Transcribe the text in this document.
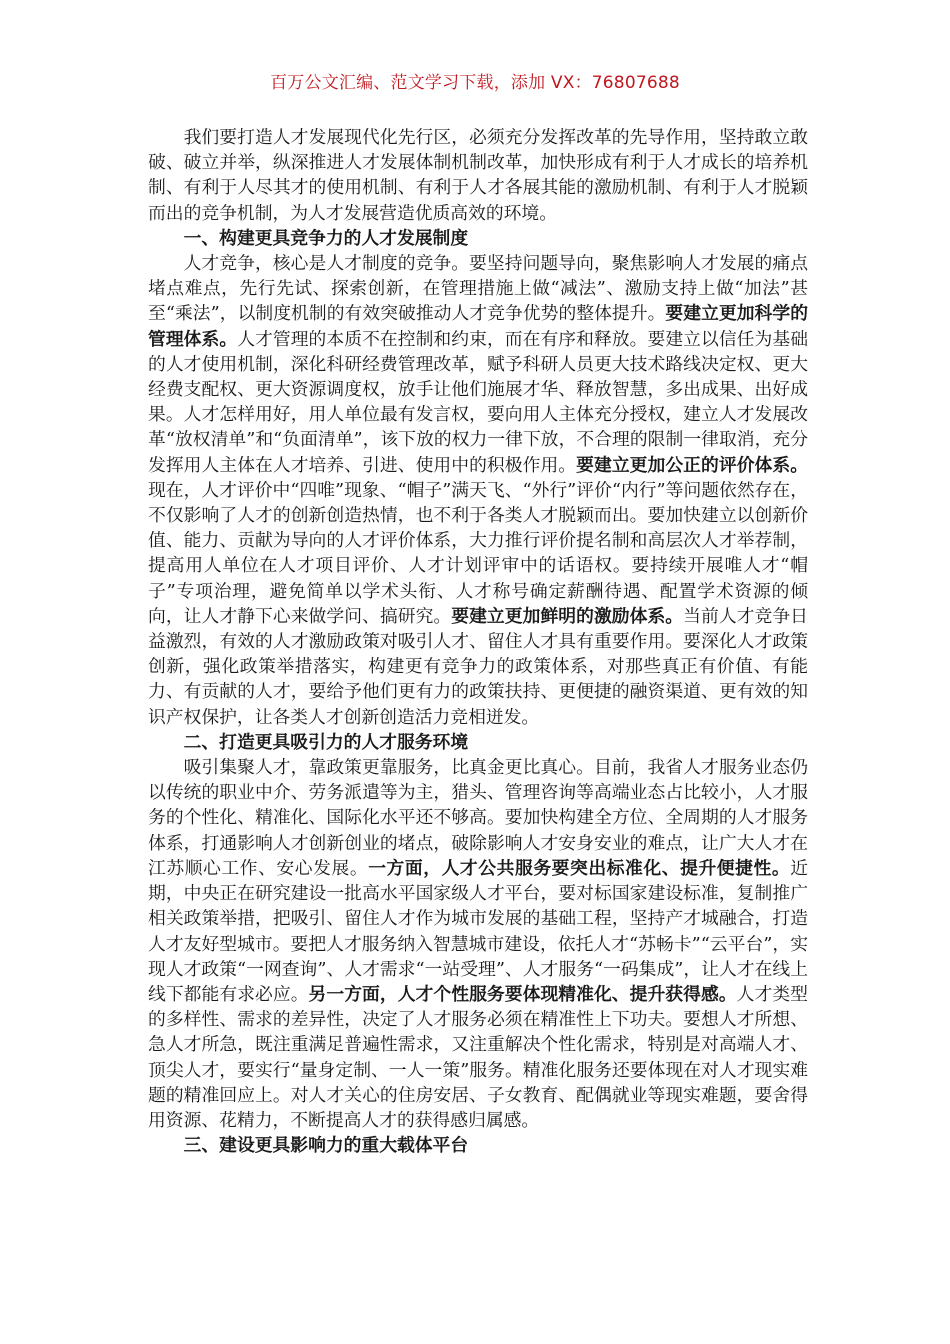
百万公文汇编、范文学习下载，添加 VX：76807688

我们要打造人才发展现代化先行区，必须充分发挥改革的先导作用，坚持敢立敢破、破立并举，纵深推进人才发展体制机制改革，加快形成有利于人才成长的培养机制、有利于人尽其才的使用机制、有利于人才各展其能的激励机制、有利于人才脱颖而出的竞争机制，为人才发展营造优质高效的环境。

一、构建更具竞争力的人才发展制度

人才竞争，核心是人才制度的竞争。要坚持问题导向，聚焦影响人才发展的痛点堵点难点，先行先试、探索创新，在管理措施上做“减法”、激励支持上做“加法”甚至“乘法”，以制度机制的有效突破推动人才竞争优势的整体提升。要建立更加科学的管理体系。人才管理的本质不在控制和约束，而在有序和释放。要建立以信任为基础的人才使用机制，深化科研经费管理改革，赋予科研人员更大技术路线决定权、更大经费支配权、更大资源调度权，放手让他们施展才华、释放智慧，多出成果、出好成果。人才怎样用好，用人单位最有发言权，要向用人主体充分授权，建立人才发展改革“放权清单”和“负面清单”，该下放的权力一律下放，不合理的限制一律取消，充分发挥用人主体在人才培养、引进、使用中的积极作用。要建立更加公正的评价体系。现在，人才评价中“四唯”现象、“帽子”满天飞、“外行”评价“内行”等问题依然存在，不仅影响了人才的创新创造热情，也不利于各类人才脱颖而出。要加快建立以创新价值、能力、贡献为导向的人才评价体系，大力推行评价提名制和高层次人才举荐制，提高用人单位在人才项目评价、人才计划评审中的话语权。要持续开展唯人才“帽子”专项治理，避免简单以学术头衔、人才称号确定薪酬待遇、配置学术资源的倾向，让人才静下心来做学问、搞研究。要建立更加鲜明的激励体系。当前人才竞争日益激烈，有效的人才激励政策对吸引人才、留住人才具有重要作用。要深化人才政策创新，强化政策举措落实，构建更有竞争力的政策体系，对那些真正有价值、有能力、有贡献的人才，要给予他们更有力的政策扶持、更便捷的融资渠道、更有效的知识产权保护，让各类人才创新创造活力竞相迸发。

二、打造更具吸引力的人才服务环境

吸引集聚人才，靠政策更靠服务，比真金更比真心。目前，我省人才服务业态仍以传统的职业中介、劳务派遣等为主，猎头、管理咨询等高端业态占比较小，人才服务的个性化、精准化、国际化水平还不够高。要加快构建全方位、全周期的人才服务体系，打通影响人才创新创业的堵点，破除影响人才安身安业的难点，让广大人才在江苏顺心工作、安心发展。一方面，人才公共服务要突出标准化、提升便捷性。近期，中央正在研究建设一批高水平国家级人才平台，要对标国家建设标准，复制推广相关政策举措，把吸引、留住人才作为城市发展的基础工程，坚持产才城融合，打造人才友好型城市。要把人才服务纳入智慧城市建设，依托人才“苏畅卡”“云平台”，实现人才政策“一网查询”、人才需求“一站受理”、人才服务“一码集成”，让人才在线上线下都能有求必应。另一方面，人才个性服务要体现精准化、提升获得感。人才类型的多样性、需求的差异性，决定了人才服务必须在精准性上下功夫。要想人才所想、急人才所急，既注重满足普遍性需求，又注重解决个性化需求，特别是对高端人才、顶尖人才，要实行“量身定制、一人一策”服务。精准化服务还要体现在对人才现实难题的精准回应上。对人才关心的住房安居、子女教育、配偶就业等现实难题，要舍得用资源、花精力，不断提高人才的获得感归属感。

三、建设更具影响力的重大载体平台
